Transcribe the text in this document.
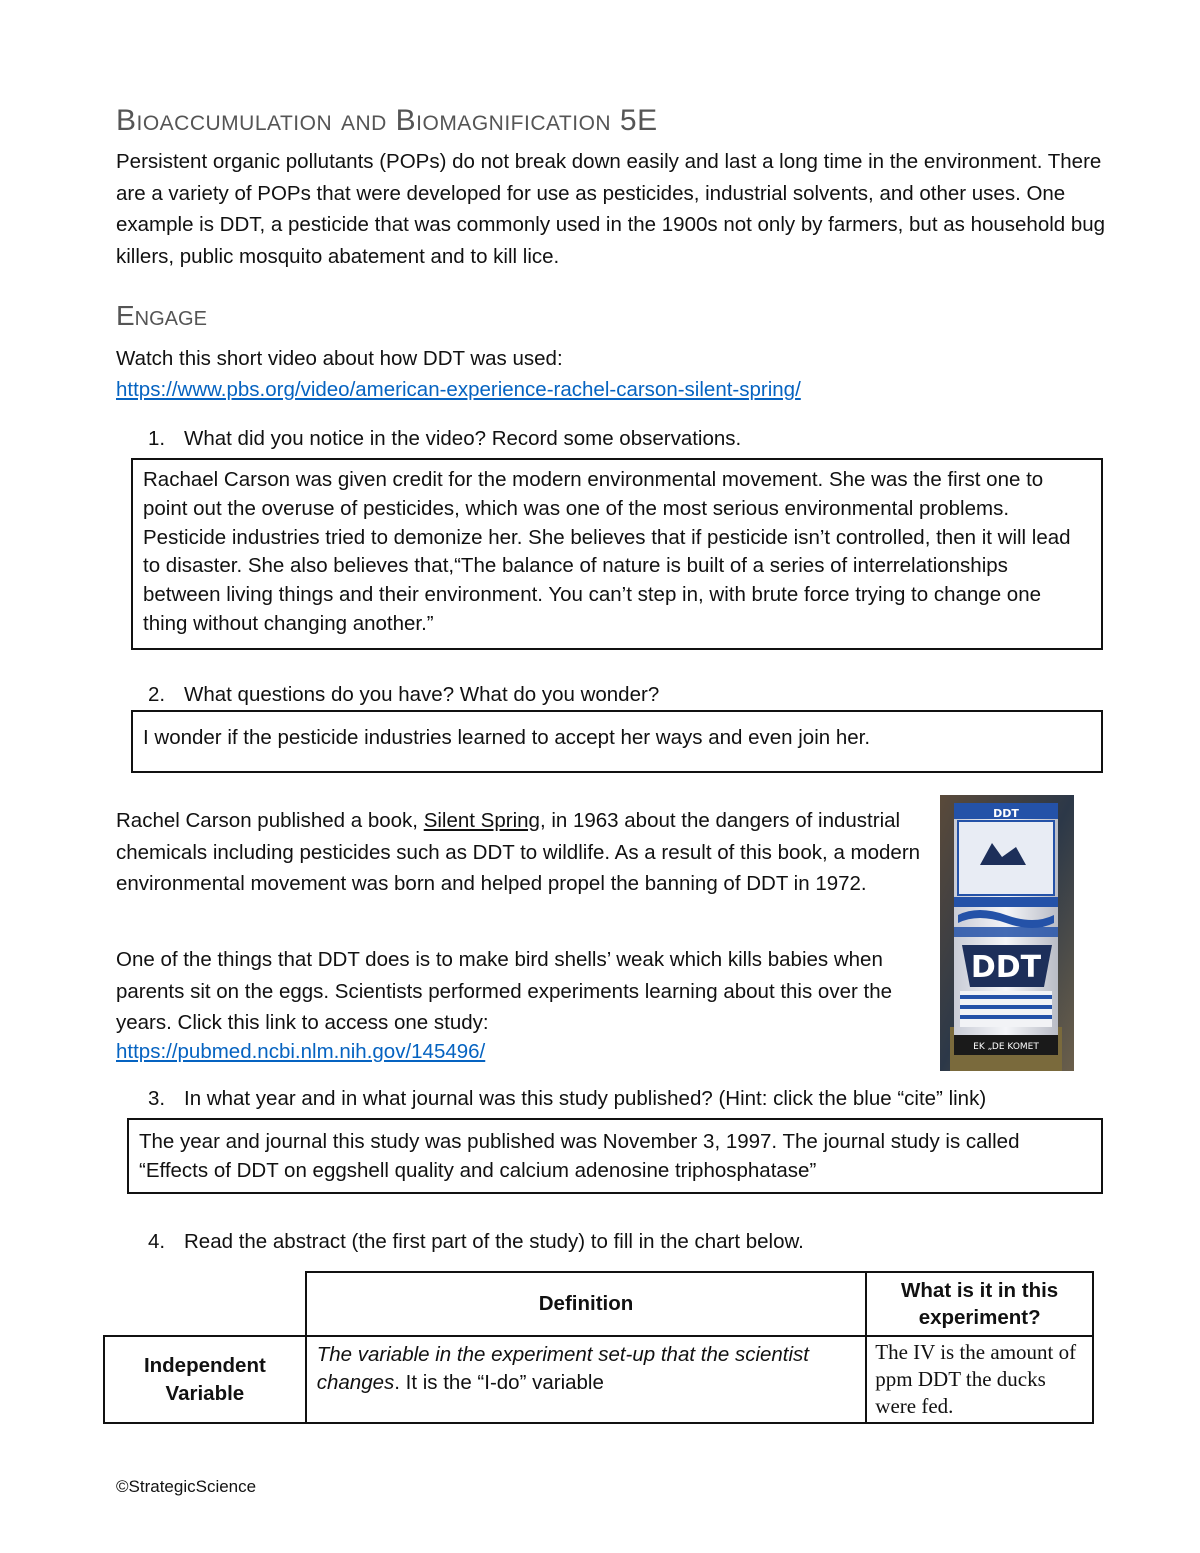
Bioaccumulation and Biomagnification 5E

Persistent organic pollutants (POPs) do not break down easily and last a long time in the environment. There are a variety of POPs that were developed for use as pesticides, industrial solvents, and other uses. One example is DDT, a pesticide that was commonly used in the 1900s not only by farmers, but as household bug killers, public mosquito abatement and to kill lice.

Engage

Watch this short video about how DDT was used:

https://www.pbs.org/video/american-experience-rachel-carson-silent-spring/

1. What did you notice in the video? Record some observations.

Rachael Carson was given credit for the modern environmental movement. She was the first one to point out the overuse of pesticides, which was one of the most serious environmental problems. Pesticide industries tried to demonize her. She believes that if pesticide isn’t controlled, then it will lead to disaster. She also believes that,“The balance of nature is built of a series of interrelationships between living things and their environment. You can’t step in, with brute force trying to change one thing without changing another.”

2. What questions do you have? What do you wonder?

I wonder if the pesticide industries learned to accept her ways and even join her.

Rachel Carson published a book, Silent Spring, in 1963 about the dangers of industrial chemicals including pesticides such as DDT to wildlife. As a result of this book, a modern environmental movement was born and helped propel the banning of DDT in 1972.

One of the things that DDT does is to make bird shells’ weak which kills babies when parents sit on the eggs. Scientists performed experiments learning about this over the years. Click this link to access one study:

https://pubmed.ncbi.nlm.nih.gov/145496/

DDT
DDT
EK „DE KOMET

3. In what year and in what journal was this study published? (Hint: click the blue “cite” link)

The year and journal this study was published was November 3, 1997. The journal study is called “Effects of DDT on eggshell quality and calcium adenosine triphosphatase”

4. Read the abstract (the first part of the study) to fill in the chart below.

	Definition	What is it in this experiment?
Independent Variable	The variable in the experiment set-up that the scientist changes. It is the “I-do” variable	The IV is the amount of ppm DDT the ducks were fed.

©StrategicScience
